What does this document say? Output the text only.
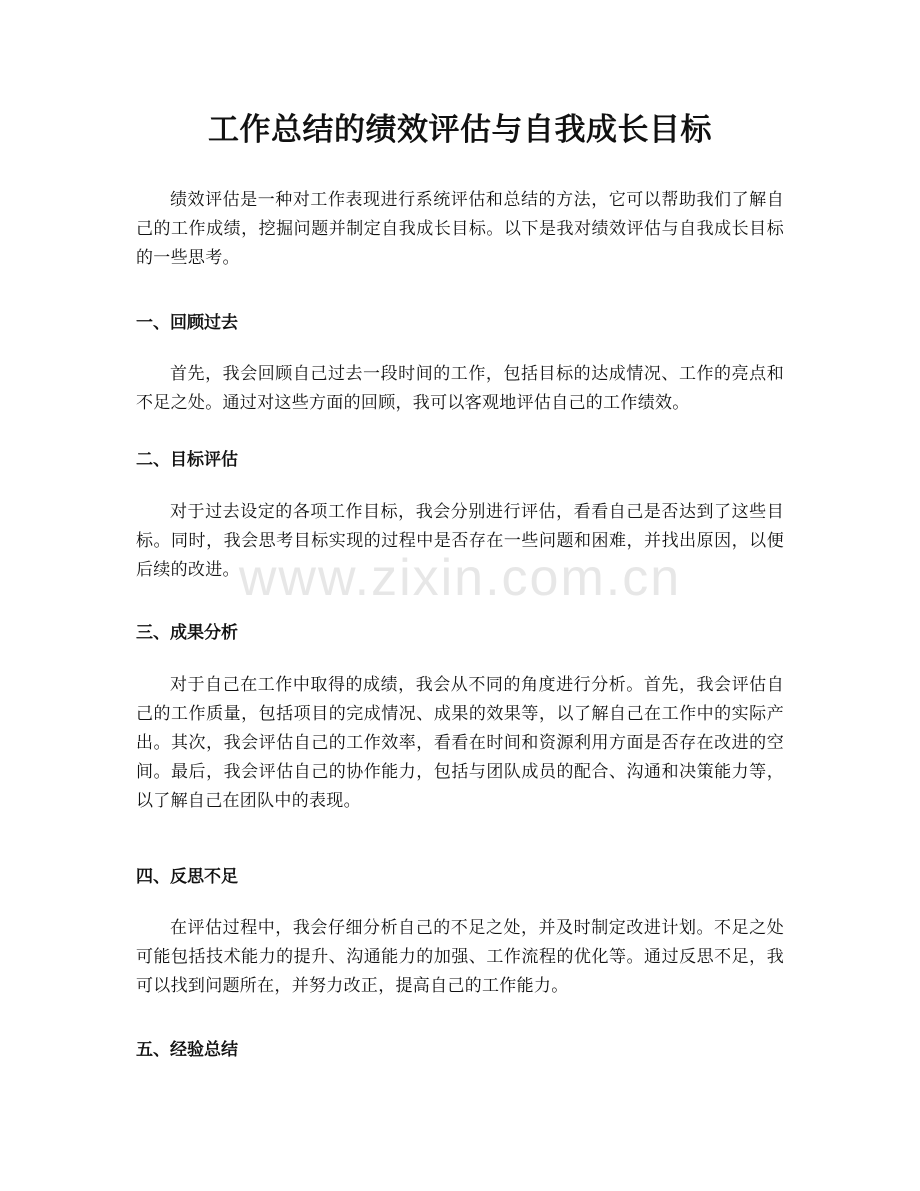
工作总结的绩效评估与自我成长目标

绩效评估是一种对工作表现进行系统评估和总结的方法，它可以帮助我们了解自己的工作成绩，挖掘问题并制定自我成长目标。以下是我对绩效评估与自我成长目标的一些思考。

一、回顾过去

首先，我会回顾自己过去一段时间的工作，包括目标的达成情况、工作的亮点和不足之处。通过对这些方面的回顾，我可以客观地评估自己的工作绩效。

二、目标评估

对于过去设定的各项工作目标，我会分别进行评估，看看自己是否达到了这些目标。同时，我会思考目标实现的过程中是否存在一些问题和困难，并找出原因，以便后续的改进。

三、成果分析

对于自己在工作中取得的成绩，我会从不同的角度进行分析。首先，我会评估自己的工作质量，包括项目的完成情况、成果的效果等，以了解自己在工作中的实际产出。其次，我会评估自己的工作效率，看看在时间和资源利用方面是否存在改进的空间。最后，我会评估自己的协作能力，包括与团队成员的配合、沟通和决策能力等，以了解自己在团队中的表现。

四、反思不足

在评估过程中，我会仔细分析自己的不足之处，并及时制定改进计划。不足之处可能包括技术能力的提升、沟通能力的加强、工作流程的优化等。通过反思不足，我可以找到问题所在，并努力改正，提高自己的工作能力。

五、经验总结
www.zixin.com.cn
